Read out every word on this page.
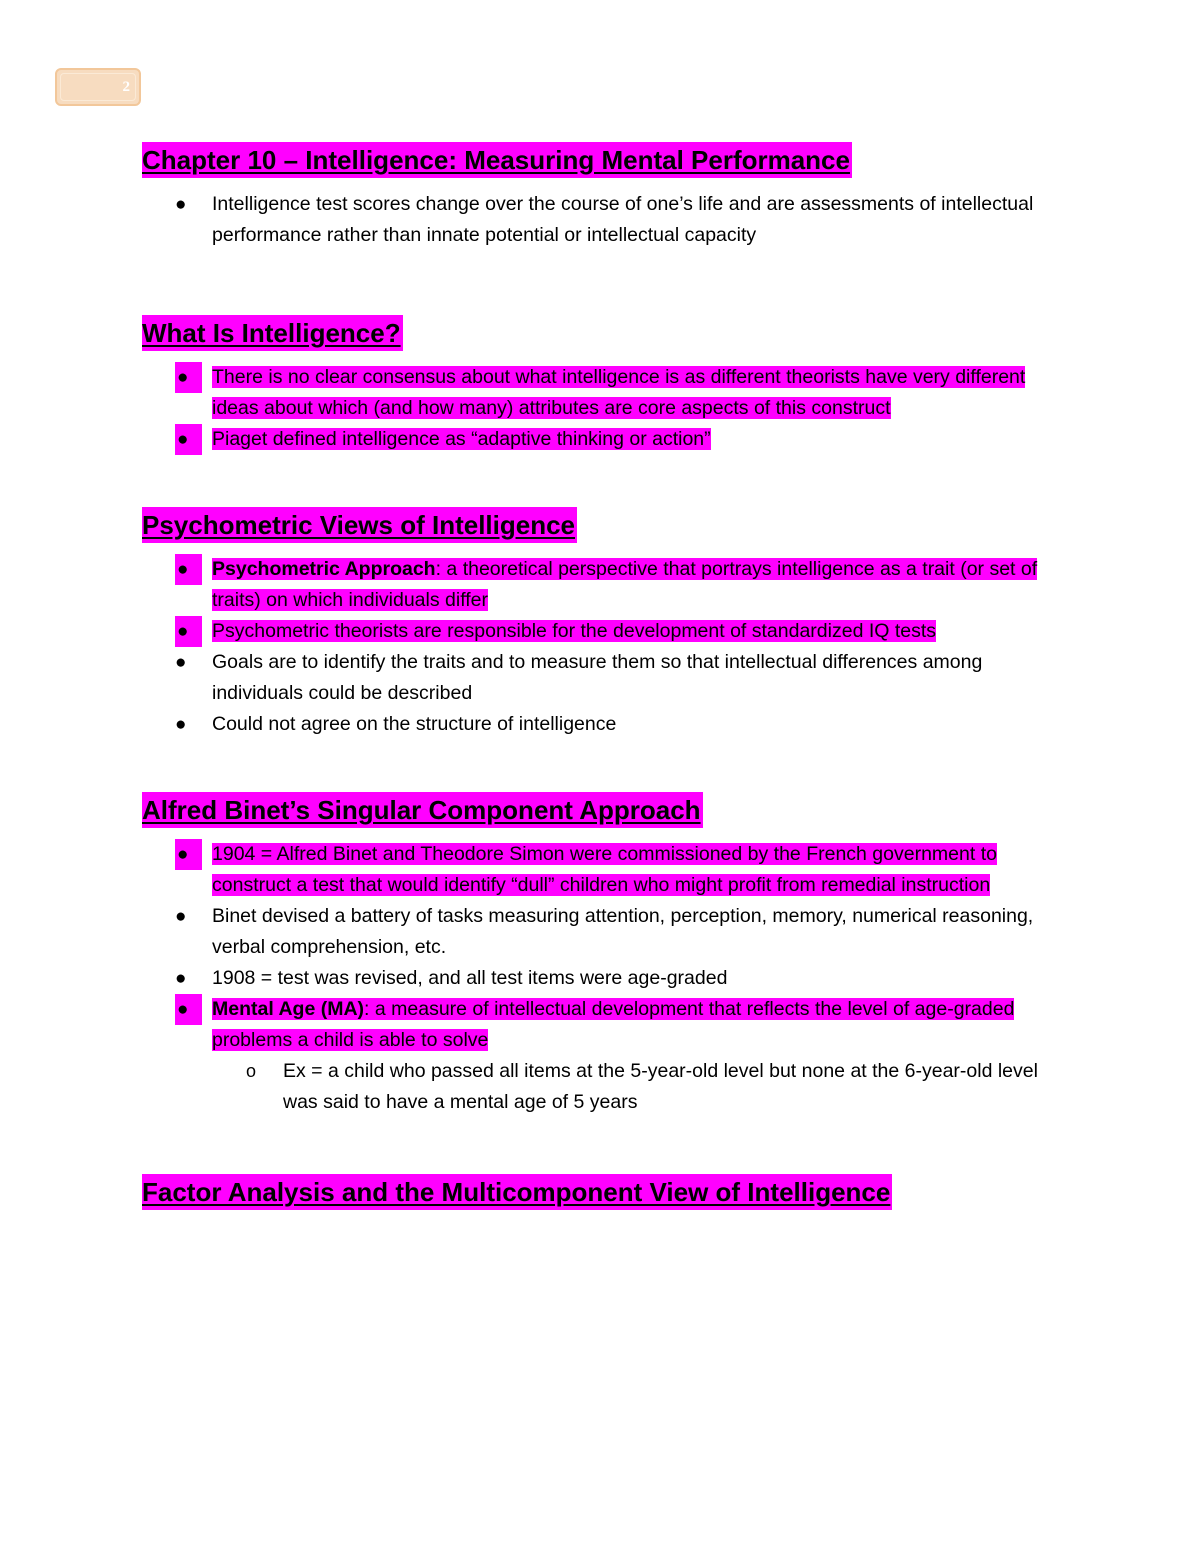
2
Chapter 10 – Intelligence: Measuring Mental Performance
● Intelligence test scores change over the course of one’s life and are assessments of intellectual performance rather than innate potential or intellectual capacity
What Is Intelligence?
●	There is no clear consensus about what intelligence is as different theorists have very different ideas about which (and how many) attributes are core aspects of this construct
●	Piaget defined intelligence as “adaptive thinking or action”
Psychometric Views of Intelligence
●	Psychometric Approach: a theoretical perspective that portrays intelligence as a trait (or set of traits) on which individuals differ
●	Psychometric theorists are responsible for the development of standardized IQ tests
● Goals are to identify the traits and to measure them so that intellectual differences among individuals could be described
● Could not agree on the structure of intelligence
Alfred Binet’s Singular Component Approach
●	1904 = Alfred Binet and Theodore Simon were commissioned by the French government to construct a test that would identify “dull” children who might profit from remedial instruction
● Binet devised a battery of tasks measuring attention, perception, memory, numerical reasoning, verbal comprehension, etc.
● 1908 = test was revised, and all test items were age-graded
●	Mental Age (MA): a measure of intellectual development that reflects the level of age-graded problems a child is able to solve
o Ex = a child who passed all items at the 5-year-old level but none at the 6-year-old level was said to have a mental age of 5 years
Factor Analysis and the Multicomponent View of Intelligence
